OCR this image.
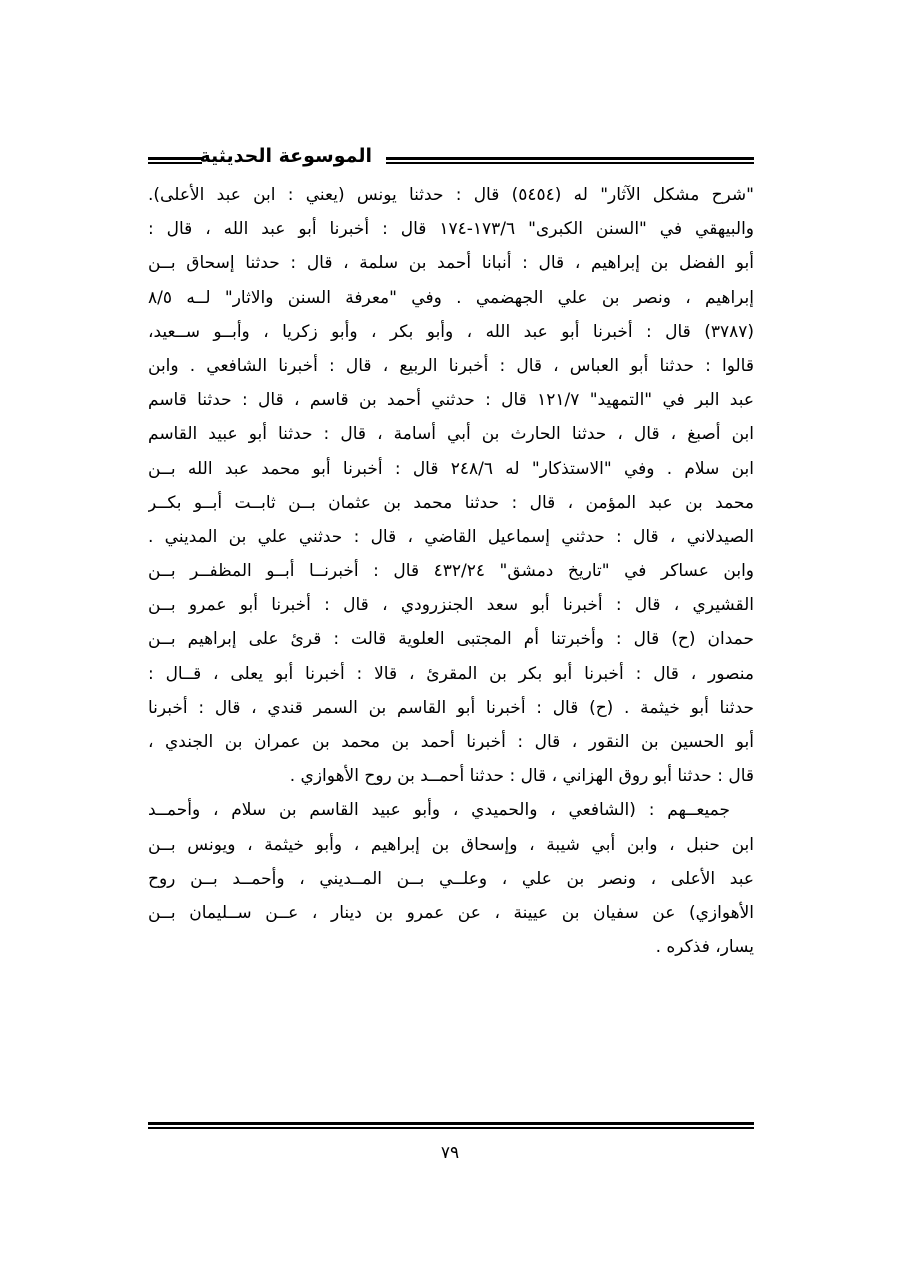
الموسوعة الحديثية
"شرح مشكل الآثار" له (٥٤٥٤) قال : حدثنا يونس (يعني : ابن عبد الأعلى).
والبيهقي في "السنن الكبرى" ١٧٣/٦-١٧٤ قال : أخبرنا أبو عبد الله ، قال :
أبو الفضل بن إبراهيم ، قال : أنبانا أحمد بن سلمة ، قال : حدثنا إسحاق بــن
إبراهيم ، ونصر بن علي الجهضمي . وفي "معرفة السنن والاثار" لــه ٨/٥
(٣٧٨٧) قال : أخبرنا أبو عبد الله ، وأبو بكر ، وأبو زكريا ، وأبــو ســعيد،
قالوا : حدثنا أبو العباس ، قال : أخبرنا الربيع ، قال : أخبرنا الشافعي . وابن
عبد البر في "التمهيد" ١٢١/٧ قال : حدثني أحمد بن قاسم ، قال : حدثنا قاسم
ابن أصبغ ، قال ، حدثنا الحارث بن أبي أسامة ، قال : حدثنا أبو عبيد القاسم
ابن سلام . وفي "الاستذكار" له ٢٤٨/٦ قال : أخبرنا أبو محمد عبد الله بــن
محمد بن عبد المؤمن ، قال : حدثنا محمد بن عثمان بــن ثابــت أبــو بكــر
الصيدلاني ، قال : حدثني إسماعيل القاضي ، قال : حدثني علي بن المديني .
وابن عساكر في "تاريخ دمشق" ٤٣٢/٢٤ قال : أخبرنــا أبــو المظفــر بــن
القشيري ، قال : أخبرنا أبو سعد الجنزرودي ، قال : أخبرنا أبو عمرو بــن
حمدان (ح) قال : وأخبرتنا أم المجتبى العلوية قالت : قرئ على إبراهيم بــن
منصور ، قال : أخبرنا أبو بكر بن المقرئ ، قالا : أخبرنا أبو يعلى ، قــال :
حدثنا أبو خيثمة . (ح) قال : أخبرنا أبو القاسم بن السمر قندي ، قال : أخبرنا
أبو الحسين بن النقور ، قال : أخبرنا أحمد بن محمد بن عمران بن الجندي ،
قال : حدثنا أبو روق الهزاني ، قال : حدثنا أحمــد بن روح الأهوازي .
جميعــهم : (الشافعي ، والحميدي ، وأبو عبيد القاسم بن سلام ، وأحمــد
ابن حنبل ، وابن أبي شيبة ، وإسحاق بن إبراهيم ، وأبو خيثمة ، ويونس بــن
عبد الأعلى ، ونصر بن علي ، وعلــي بــن المــديني ، وأحمــد بــن روح
الأهوازي) عن سفيان بن عيينة ، عن عمرو بن دينار ، عــن ســليمان بــن
يسار، فذكره .
٧٩
